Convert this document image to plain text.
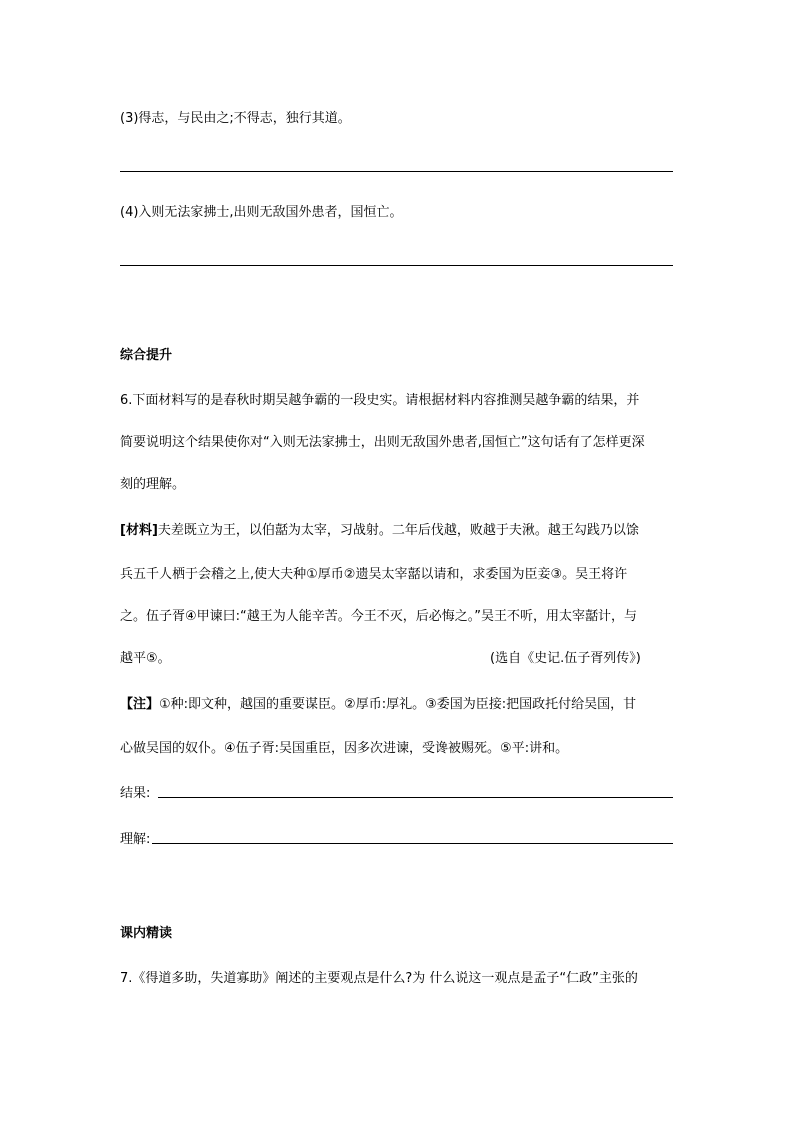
(3)得志，与民由之;不得志，独行其道。
(4)入则无法家拂士,出则无敌国外患者，国恒亡。
综合提升
6.下面材料写的是春秋时期吴越争霸的一段史实。请根据材料内容推测吴越争霸的结果，并
简要说明这个结果使你对“入则无法家拂士，出则无敌国外患者,国恒亡”这句话有了怎样更深
刻的理解。
[材料]夫差既立为王，以伯嚭为太宰，习战射。二年后伐越，败越于夫湫。越王勾践乃以馀
兵五千人栖于会稽之上,使大夫种①厚币②遗吴太宰嚭以请和，求委国为臣妾③。吴王将许
之。伍子胥④甲谏曰:“越王为人能辛苦。今王不灭，后必悔之。”吴王不听，用太宰嚭计，与
越平⑤。	(选自《史记.伍子胥列传》)
【注】①种:即文种，越国的重要谋臣。②厚币:厚礼。③委国为臣接:把国政托付给吴国，甘
心做吴国的奴仆。④伍子胥:吴国重臣，因多次进谏，受谗被赐死。⑤平:讲和。
结果:
理解:
课内精读
7.《得道多助，失道寡助》阐述的主要观点是什么?为 什么说这一观点是孟子“仁政”主张的
